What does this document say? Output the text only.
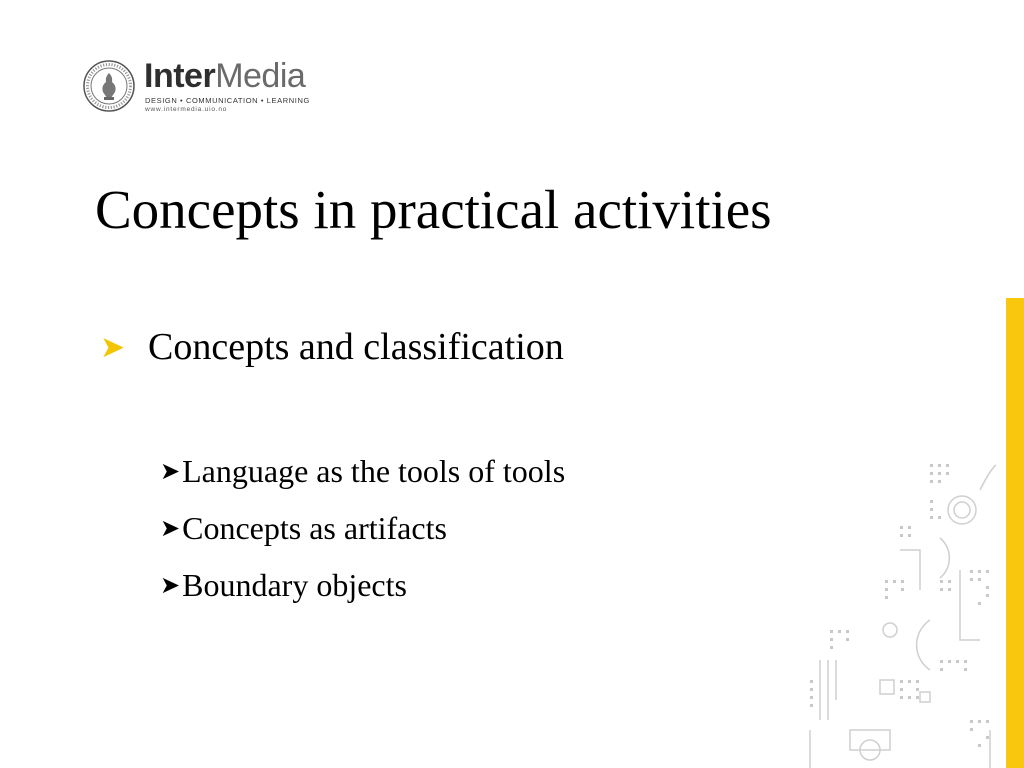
InterMedia
DESIGN • COMMUNICATION • LEARNING
www.intermedia.uio.no
Concepts in practical activities
➤ Concepts and classification
➤Language as the tools of tools
➤Concepts as artifacts
➤Boundary objects
